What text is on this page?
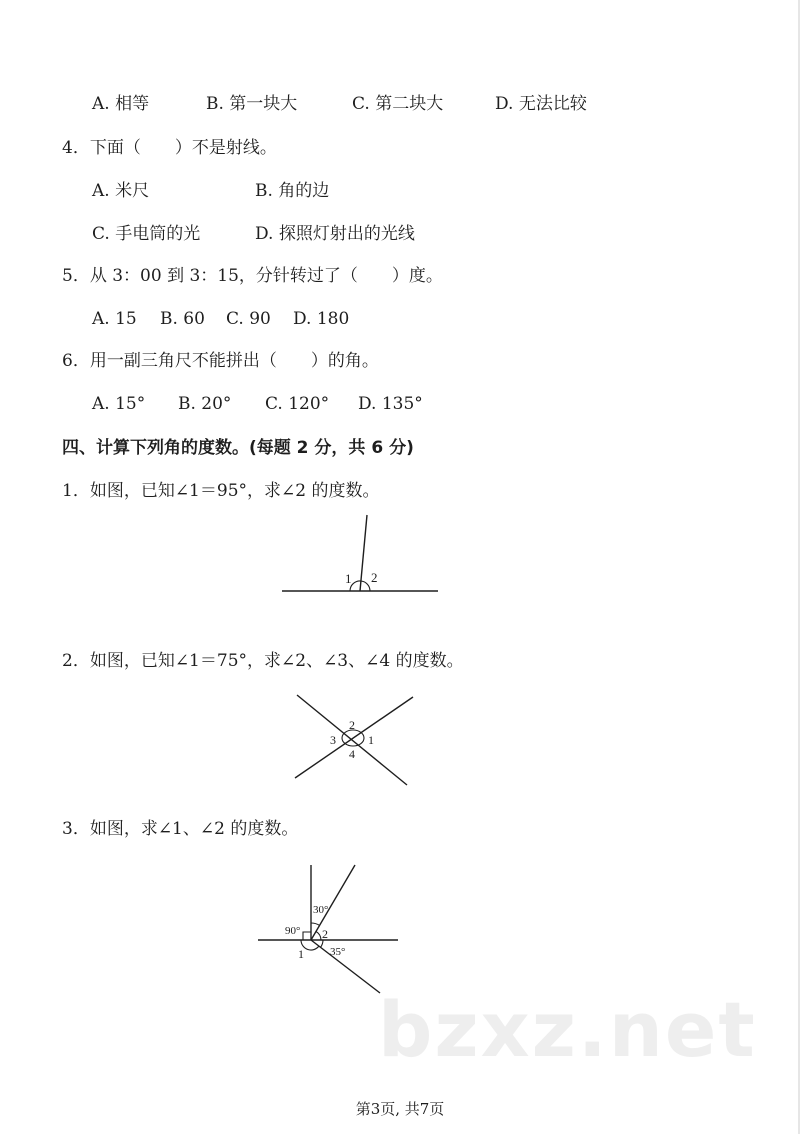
A. 相等	B. 第一块大	C. 第二块大	D. 无法比较
4．下面（　　）不是射线。
A. 米尺	B. 角的边
C. 手电筒的光	D. 探照灯射出的光线
5．从 3：00 到 3：15，分针转过了（　　）度。
A. 15 B. 60 C. 90 D. 180
6．用一副三角尺不能拼出（　　）的角。
A. 15° B. 20° C. 120° D. 135°
四、计算下列角的度数。(每题 2 分，共 6 分)
1．如图，已知∠1＝95°，求∠2 的度数。
1 2
2．如图，已知∠1＝75°，求∠2、∠3、∠4 的度数。
2
3	1
4
3．如图，求∠1、∠2 的度数。
30°
90° 2
35°
1
bzxz.net
第3页, 共7页
